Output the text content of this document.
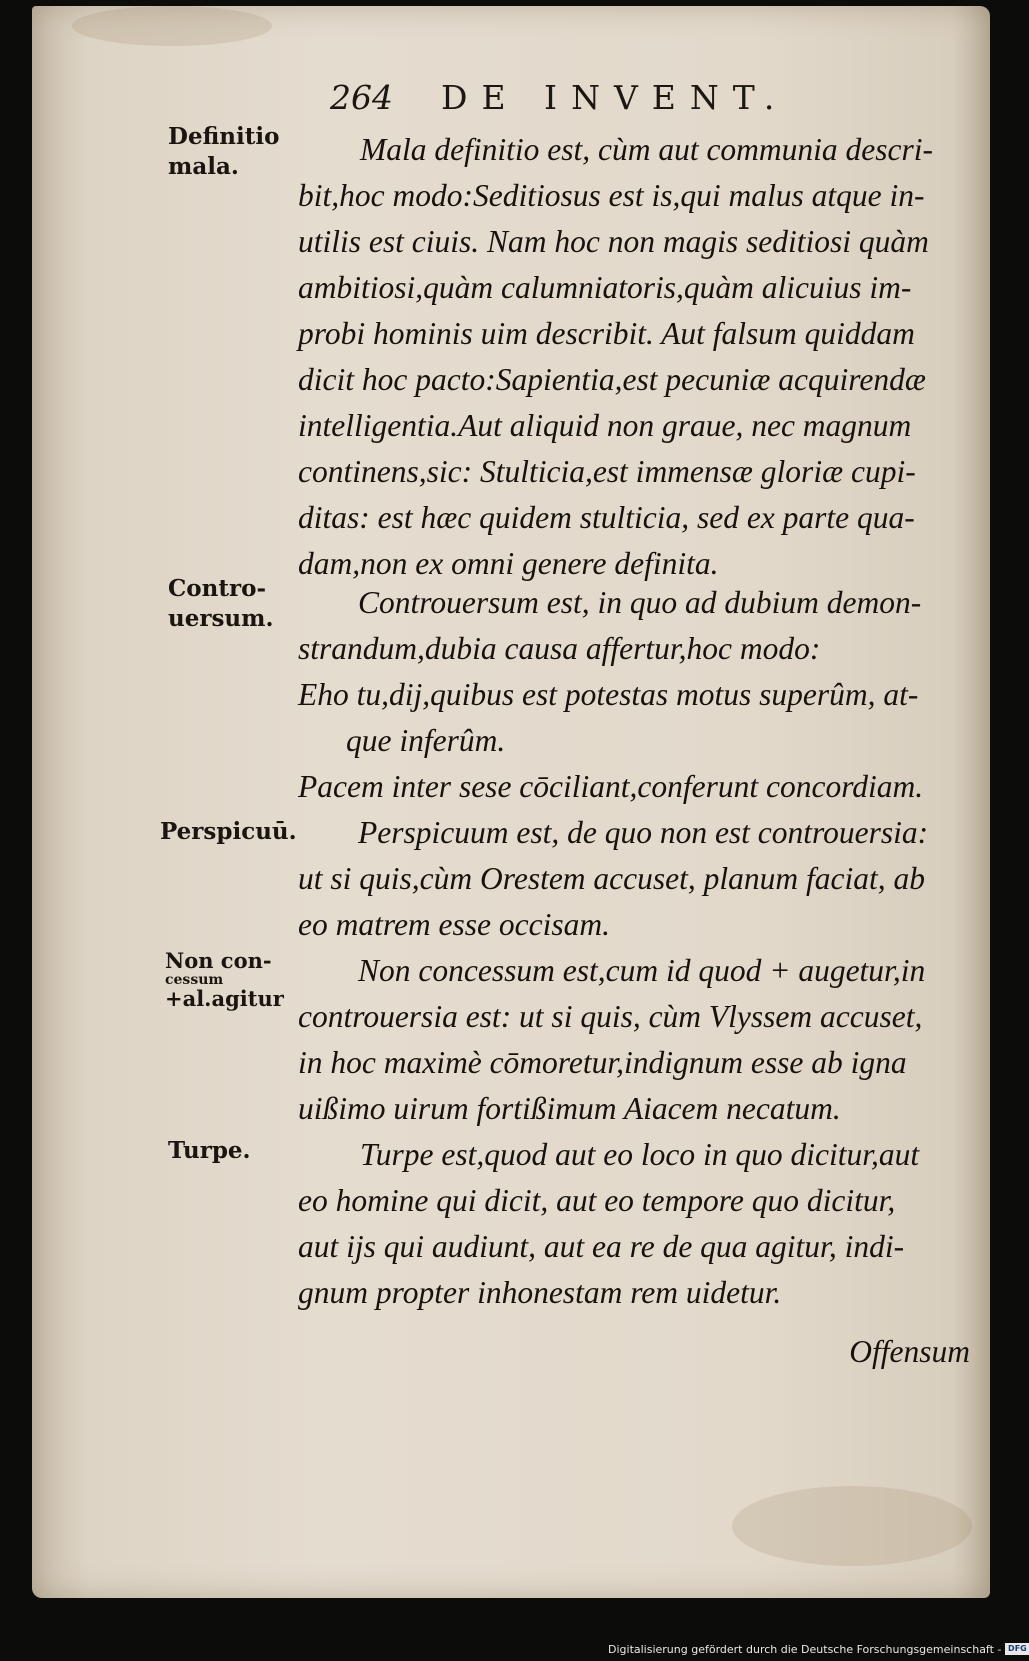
264 DE INVENT.
Definitio
mala.
Contro-
uersum.
Perspicuū.
Non con-
cessum
+al.agitur
Turpe.
Mala definitio est, cùm aut communia descri-
bit,hoc modo:Seditiosus est is,qui malus atque in-
utilis est ciuis. Nam hoc non magis seditiosi quàm
ambitiosi,quàm calumniatoris,quàm alicuius im-
probi hominis uim describit. Aut falsum quiddam
dicit hoc pacto:Sapientia,est pecuniæ acquirendæ
intelligentia.Aut aliquid non graue, nec magnum
continens,sic: Stulticia,est immensæ gloriæ cupi-
ditas: est hæc quidem stulticia, sed ex parte qua-
dam,non ex omni genere definita.
Controuersum est, in quo ad dubium demon-
strandum,dubia causa affertur,hoc modo:
Eho tu,dij,quibus est potestas motus superûm, at-
que inferûm.
Pacem inter sese cōciliant,conferunt concordiam.
Perspicuum est, de quo non est controuersia:
ut si quis,cùm Orestem accuset, planum faciat, ab
eo matrem esse occisam.
Non concessum est,cum id quod + augetur,in
controuersia est: ut si quis, cùm Vlyssem accuset,
in hoc maximè cōmoretur,indignum esse ab igna
uißimo uirum fortißimum Aiacem necatum.
Turpe est,quod aut eo loco in quo dicitur,aut
eo homine qui dicit, aut eo tempore quo dicitur,
aut ijs qui audiunt, aut ea re de qua agitur, indi-
gnum propter inhonestam rem uidetur.
Offensum
Digitalisierung gefördert durch die Deutsche Forschungsgemeinschaft - DFG
